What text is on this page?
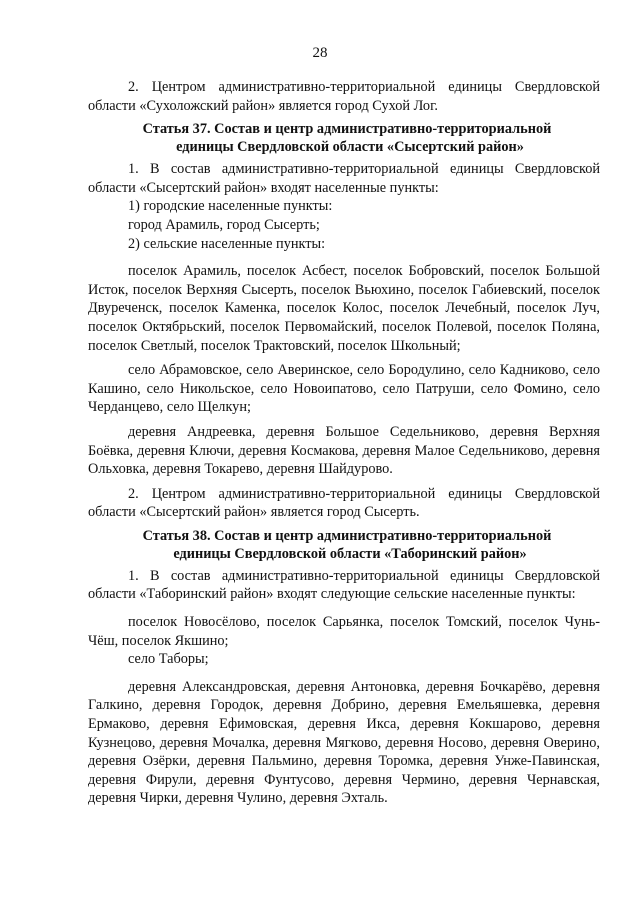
28

2. Центром административно-территориальной единицы Свердловской области «Сухоложский район» является город Сухой Лог.

Статья 37. Состав и центр административно-территориальной
единицы Свердловской области «Сысертский район»

1. В состав административно-территориальной единицы Свердловской области «Сысертский район» входят населенные пункты:

1) городские населенные пункты:

город Арамиль, город Сысерть;

2) сельские населенные пункты:

поселок Арамиль, поселок Асбест, поселок Бобровский, поселок Большой Исток, поселок Верхняя Сысерть, поселок Вьюхино, поселок Габиевский, поселок Двуреченск, поселок Каменка, поселок Колос, поселок Лечебный, поселок Луч, поселок Октябрьский, поселок Первомайский, поселок Полевой, поселок Поляна, поселок Светлый, поселок Трактовский, поселок Школьный;

село Абрамовское, село Аверинское, село Бородулино, село Кадниково, село Кашино, село Никольское, село Новоипатово, село Патруши, село Фомино, село Черданцево, село Щелкун;

деревня Андреевка, деревня Большое Седельниково, деревня Верхняя Боёвка, деревня Ключи, деревня Космакова, деревня Малое Седельниково, деревня Ольховка, деревня Токарево, деревня Шайдурово.

2. Центром административно-территориальной единицы Свердловской области «Сысертский район» является город Сысерть.

Статья 38. Состав и центр административно-территориальной
единицы Свердловской области «Таборинский район»

1. В состав административно-территориальной единицы Свердловской области «Таборинский район» входят следующие сельские населенные пункты:

поселок Новосёлово, поселок Сарьянка, поселок Томский, поселок Чунь-Чёш, поселок Якшино;

село Таборы;

деревня Александровская, деревня Антоновка, деревня Бочкарёво, деревня Галкино, деревня Городок, деревня Добрино, деревня Емельяшевка, деревня Ермаково, деревня Ефимовская, деревня Икса, деревня Кокшарово, деревня Кузнецово, деревня Мочалка, деревня Мягково, деревня Носово, деревня Оверино, деревня Озёрки, деревня Пальмино, деревня Торомка, деревня Унже-Павинская, деревня Фирули, деревня Фунтусово, деревня Чермино, деревня Чернавская, деревня Чирки, деревня Чулино, деревня Эхталь.
